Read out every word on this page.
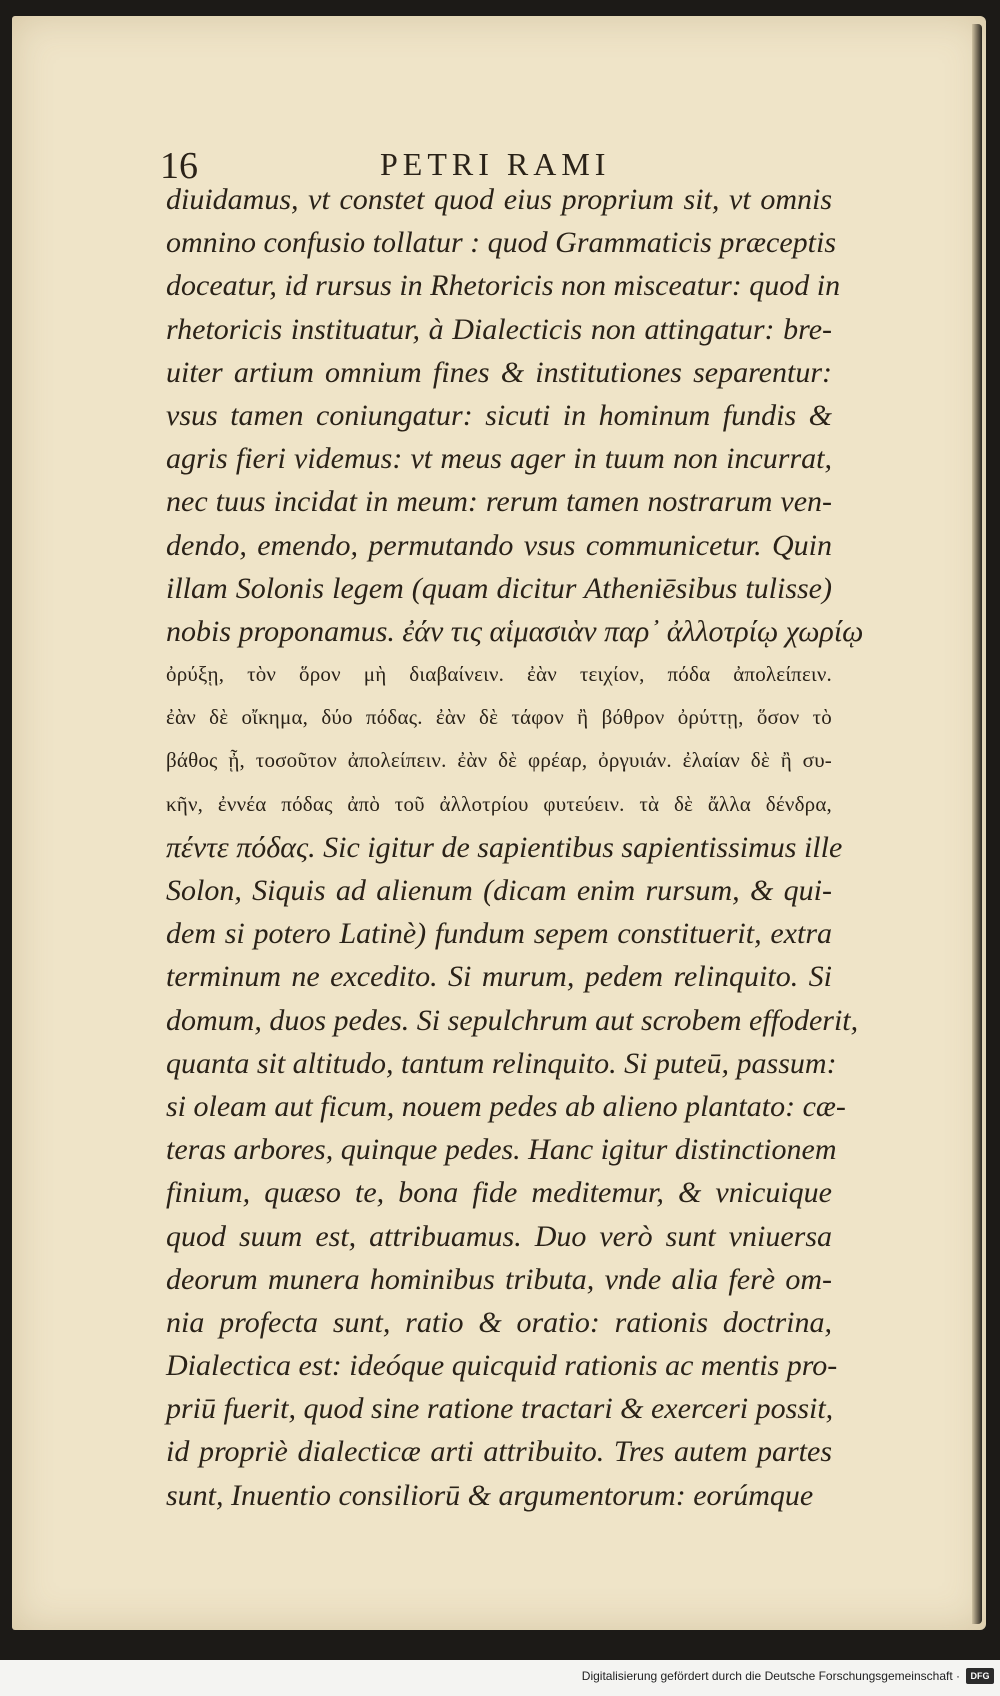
16	PETRI RAMI
diuidamus, vt constet quod eius proprium sit, vt omnis
omnino confusio tollatur : quod Grammaticis præceptis
doceatur, id rursus in Rhetoricis non misceatur: quod in
rhetoricis instituatur, à Dialecticis non attingatur: bre-
uiter artium omnium fines & institutiones separentur:
vsus tamen coniungatur: sicuti in hominum fundis &
agris fieri videmus: vt meus ager in tuum non incurrat,
nec tuus incidat in meum: rerum tamen nostrarum ven-
dendo, emendo, permutando vsus communicetur. Quin
illam Solonis legem (quam dicitur Atheniēsibus tulisse)
nobis proponamus. ἐάν τις αἱμασιὰν παρ᾽ ἀλλοτρίῳ χωρίῳ
ὀρύξῃ, τὸν ὅρον μὴ διαβαίνειν. ἐὰν τειχίον, πόδα ἀπολείπειν.
ἐὰν δὲ οἴκημα, δύο πόδας. ἐὰν δὲ τάφον ἢ βόθρον ὀρύττῃ, ὅσον τὸ
βάθος ᾖ, τοσοῦτον ἀπολείπειν. ἐὰν δὲ φρέαρ, ὀργυιάν. ἐλαίαν δὲ ἢ συ-
κῆν, ἐννέα πόδας ἀπὸ τοῦ ἀλλοτρίου φυτεύειν. τὰ δὲ ἄλλα δένδρα,
πέντε πόδας. Sic igitur de sapientibus sapientissimus ille
Solon, Siquis ad alienum (dicam enim rursum, & qui-
dem si potero Latinè) fundum sepem constituerit, extra
terminum ne excedito. Si murum, pedem relinquito. Si
domum, duos pedes. Si sepulchrum aut scrobem effoderit,
quanta sit altitudo, tantum relinquito. Si puteū, passum:
si oleam aut ficum, nouem pedes ab alieno plantato: cæ-
teras arbores, quinque pedes. Hanc igitur distinctionem
finium, quæso te, bona fide meditemur, & vnicuique
quod suum est, attribuamus. Duo verò sunt vniuersa
deorum munera hominibus tributa, vnde alia ferè om-
nia profecta sunt, ratio & oratio: rationis doctrina,
Dialectica est: ideóque quicquid rationis ac mentis pro-
priū fuerit, quod sine ratione tractari & exerceri possit,
id propriè dialecticæ arti attribuito. Tres autem partes
sunt, Inuentio consiliorū & argumentorum: eorúmque
Digitalisierung gefördert durch die Deutsche Forschungsgemeinschaft ·	DFG
